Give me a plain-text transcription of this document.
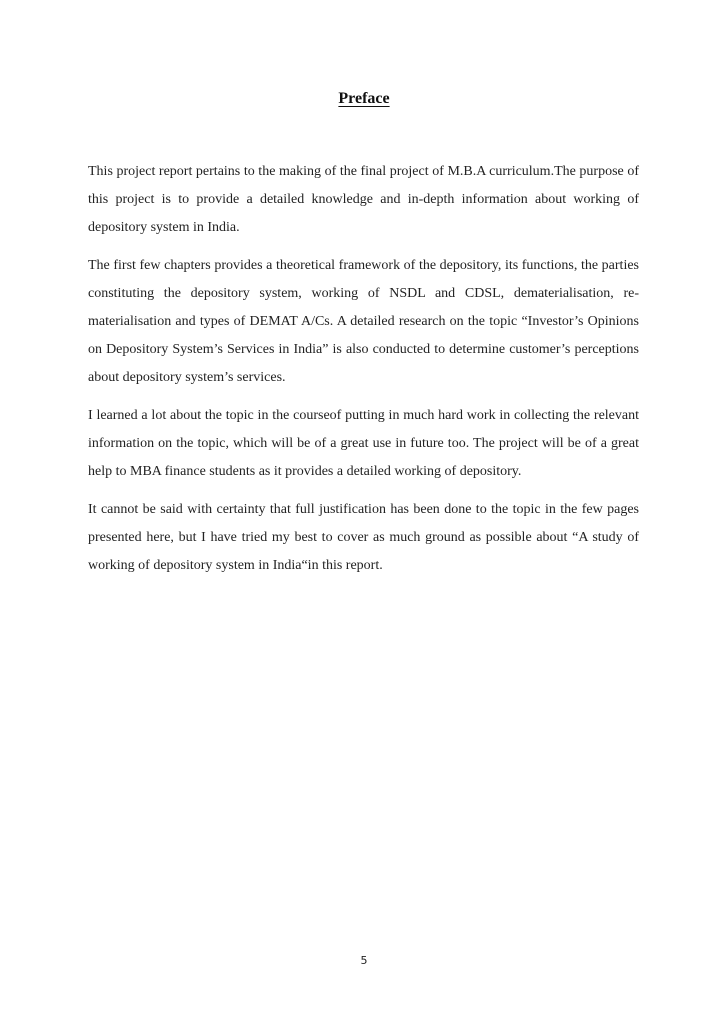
Preface

This project report pertains to the making of the final project of M.B.A curriculum.The purpose of this project is to provide a detailed knowledge and in-depth information about working of depository system in India.

The first few chapters provides a theoretical framework of the depository, its functions, the parties constituting the depository system, working of NSDL and CDSL, dematerialisation, re-materialisation and types of DEMAT A/Cs. A detailed research on the topic “Investor’s Opinions on Depository System’s Services in India” is also conducted to determine customer’s perceptions about depository system’s services.

I learned a lot about the topic in the courseof putting in much hard work in collecting the relevant information on the topic, which will be of a great use in future too. The project will be of a great help to MBA finance students as it provides a detailed working of depository.

It cannot be said with certainty that full justification has been done to the topic in the few pages presented here, but I have tried my best to cover as much ground as possible about “A study of working of depository system in India“in this report.

5
